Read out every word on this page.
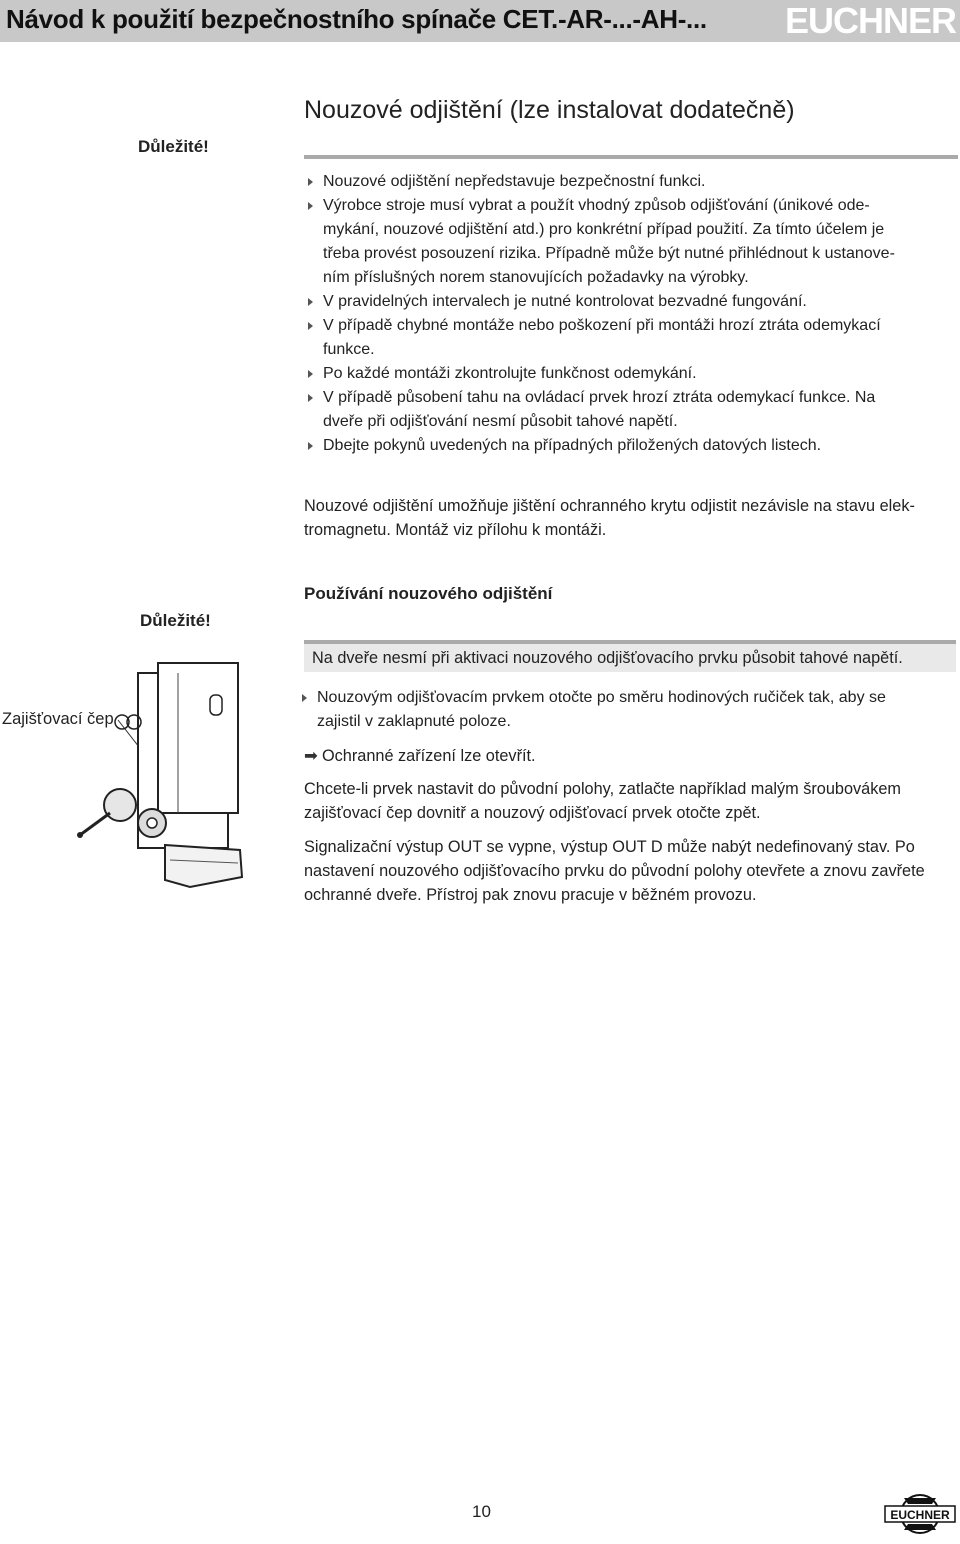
Návod k použití bezpečnostního spínače CET.-AR-...-AH-... EUCHNER
Nouzové odjištění (lze instalovat dodatečně)
Důležité!
Nouzové odjištění nepředstavuje bezpečnostní funkci.
Výrobce stroje musí vybrat a použít vhodný způsob odjišťování (únikové ode-
mykání, nouzové odjištění atd.) pro konkrétní případ použití. Za tímto účelem je
třeba provést posouzení rizika. Případně může být nutné přihlédnout k ustanove-
ním příslušných norem stanovujících požadavky na výrobky.
V pravidelných intervalech je nutné kontrolovat bezvadné fungování.
V případě chybné montáže nebo poškození při montáži hrozí ztráta odemykací
funkce.
Po každé montáži zkontrolujte funkčnost odemykání.
V případě působení tahu na ovládací prvek hrozí ztráta odemykací funkce. Na
dveře při odjišťování nesmí působit tahové napětí.
Dbejte pokynů uvedených na případných přiložených datových listech.
Nouzové odjištění umožňuje jištění ochranného krytu odjistit nezávisle na stavu elek-
tromagnetu. Montáž viz přílohu k montáži.
Používání nouzového odjištění
Důležité!
Na dveře nesmí při aktivaci nouzového odjišťovacího prvku působit tahové napětí.
Zajišťovací čep
Nouzovým odjišťovacím prvkem otočte po směru hodinových ručiček tak, aby se
zajistil v zaklapnuté poloze.
➡ Ochranné zařízení lze otevřít.
Chcete-li prvek nastavit do původní polohy, zatlačte například malým šroubovákem
zajišťovací čep dovnitř a nouzový odjišťovací prvek otočte zpět.
Signalizační výstup OUT se vypne, výstup OUT D může nabýt nedefinovaný stav. Po
nastavení nouzového odjišťovacího prvku do původní polohy otevřete a znovu zavřete
ochranné dveře. Přístroj pak znovu pracuje v běžném provozu.
10	EUCHNER
